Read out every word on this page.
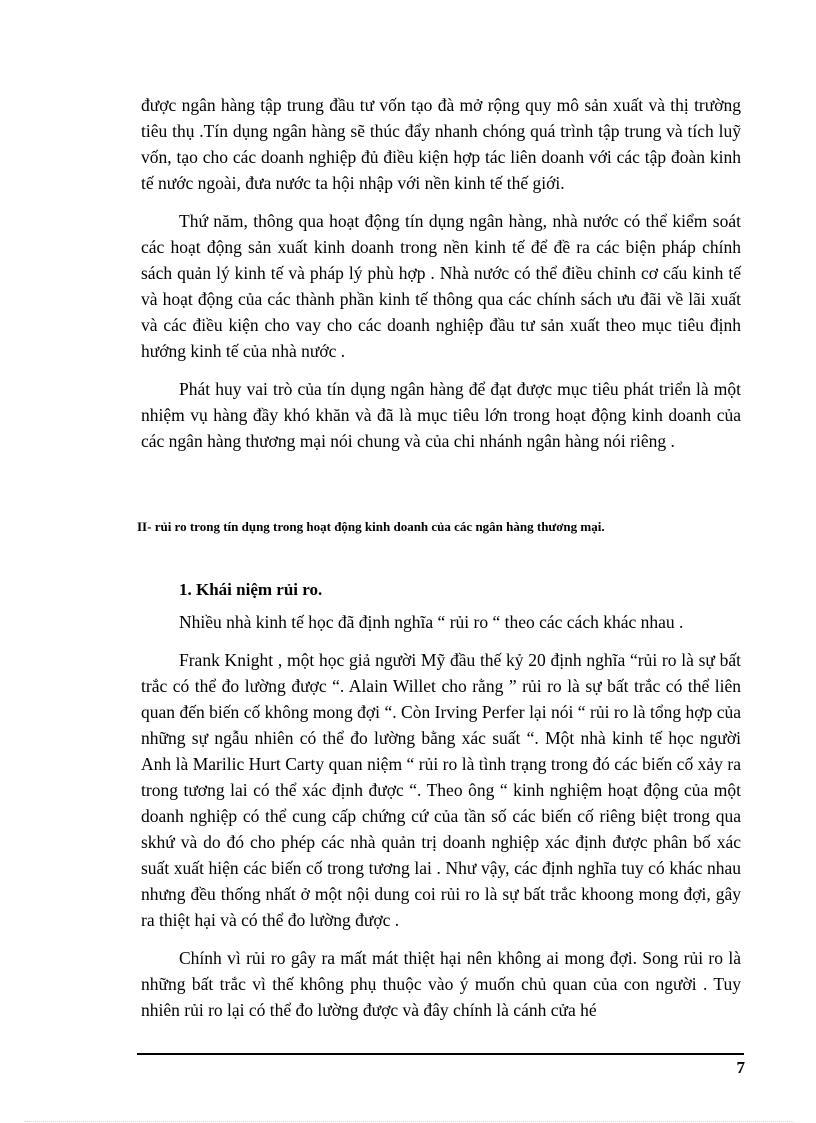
được ngân hàng tập trung đầu tư vốn tạo đà mở rộng quy mô sản xuất và thị trường tiêu thụ .Tín dụng ngân hàng sẽ thúc đẩy nhanh chóng quá trình tập trung và tích luỹ vốn, tạo cho các doanh nghiệp đủ điều kiện hợp tác liên doanh với các tập đoàn kinh tế nước ngoài, đưa nước ta hội nhập với nền kinh tế thế giới.

Thứ năm, thông qua hoạt động tín dụng ngân hàng, nhà nước có thể kiểm soát các hoạt động sản xuất kinh doanh trong nền kinh tế để đề ra các biện pháp chính sách quản lý kinh tế và pháp lý phù hợp . Nhà nước có thể điều chỉnh cơ cấu kinh tế và hoạt động của các thành phần kinh tế thông qua các chính sách ưu đãi về lãi xuất và các điều kiện cho vay cho các doanh nghiệp đầu tư sản xuất theo mục tiêu định hướng kinh tế của nhà nước .

Phát huy vai trò của tín dụng ngân hàng để đạt được mục tiêu phát triển là một nhiệm vụ hàng đầy khó khăn và đã là mục tiêu lớn trong hoạt động kinh doanh của các ngân hàng thương mại nói chung và của chi nhánh ngân hàng nói riêng .

II- rủi ro trong tín dụng trong hoạt động kinh doanh của các ngân hàng thương mại.
1. Khái niệm rủi ro.

Nhiều nhà kinh tế học đã định nghĩa “ rủi ro “ theo các cách khác nhau .

Frank Knight , một học giả người Mỹ đầu thế kỷ 20 định nghĩa “rủi ro là sự bất trắc có thể đo lường được “. Alain Willet cho rằng ” rủi ro là sự bất trắc có thể liên quan đến biến cố không mong đợi “. Còn Irving Perfer lại nói “ rủi ro là tổng hợp của những sự ngẫu nhiên có thể đo lường bằng xác suất “. Một nhà kinh tế học người Anh là Marilic Hurt Carty quan niệm “ rủi ro là tình trạng trong đó các biến cố xảy ra trong tương lai có thể xác định được “. Theo ông “ kinh nghiệm hoạt động của một doanh nghiệp có thể cung cấp chứng cứ của tần số các biến cố riêng biệt trong qua skhứ và do đó cho phép các nhà quản trị doanh nghiệp xác định được phân bố xác suất xuất hiện các biến cố trong tương lai . Như vậy, các định nghĩa tuy có khác nhau nhưng đều thống nhất ở một nội dung coi rủi ro là sự bất trắc khoong mong đợi, gây ra thiệt hại và có thể đo lường được .

Chính vì rủi ro gây ra mất mát thiệt hại nên không ai mong đợi. Song rủi ro là những bất trắc vì thế không phụ thuộc vào ý muốn chủ quan của con người . Tuy nhiên rủi ro lại có thể đo lường được và đây chính là cánh cửa hé

7
